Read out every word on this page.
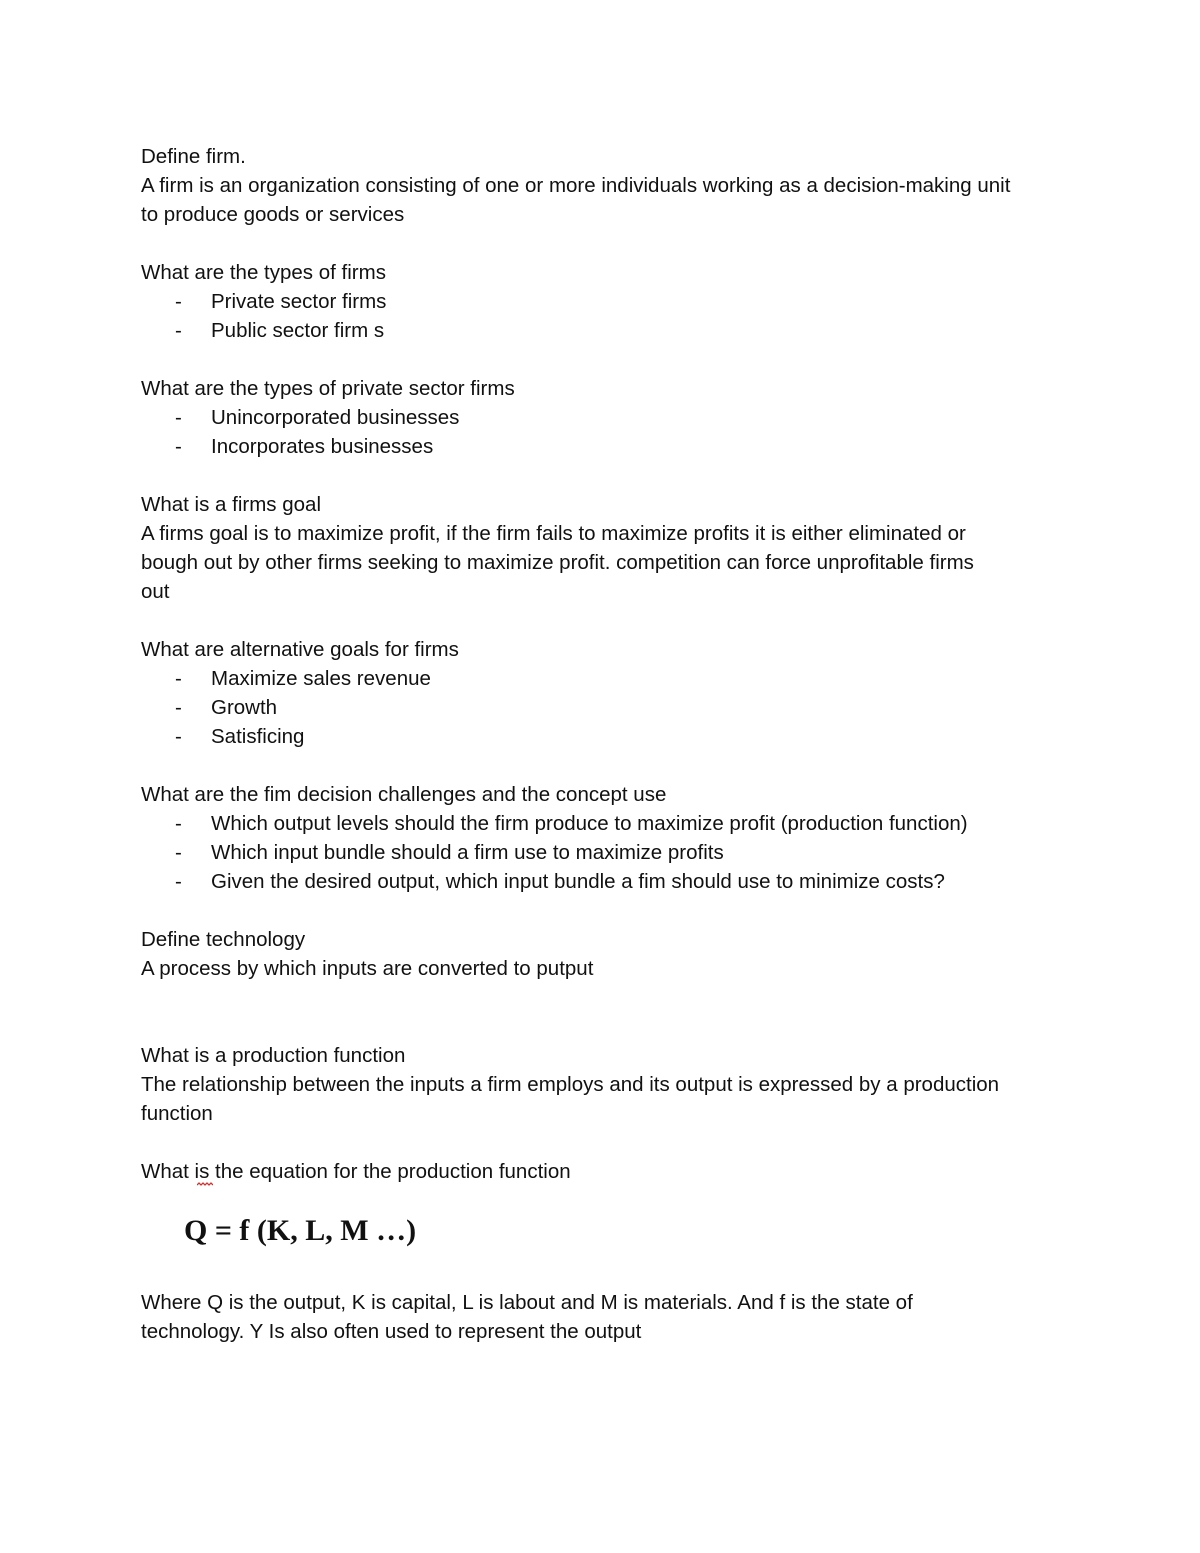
Define firm.
A firm is an organization consisting of one or more individuals working as a decision-making unit
to produce goods or services
What are the types of firms
- Private sector firms
- Public sector firm s
What are the types of private sector firms
- Unincorporated businesses
- Incorporates businesses
What is a firms goal
A firms goal is to maximize profit, if the firm fails to maximize profits it is either eliminated or
bough out by other firms seeking to maximize profit. competition can force unprofitable firms
out
What are alternative goals for firms
- Maximize sales revenue
- Growth
- Satisficing
What are the fim decision challenges and the concept use
- Which output levels should the firm produce to maximize profit (production function)
- Which input bundle should a firm use to maximize profits
- Given the desired output, which input bundle a fim should use to minimize costs?
Define technology
A process by which inputs are converted to putput
What is a production function
The relationship between the inputs a firm employs and its output is expressed by a production
function
What is the equation for the production function
Q = f (K, L, M …)
Where Q is the output, K is capital, L is labout and M is materials. And f is the state of
technology. Y Is also often used to represent the output
